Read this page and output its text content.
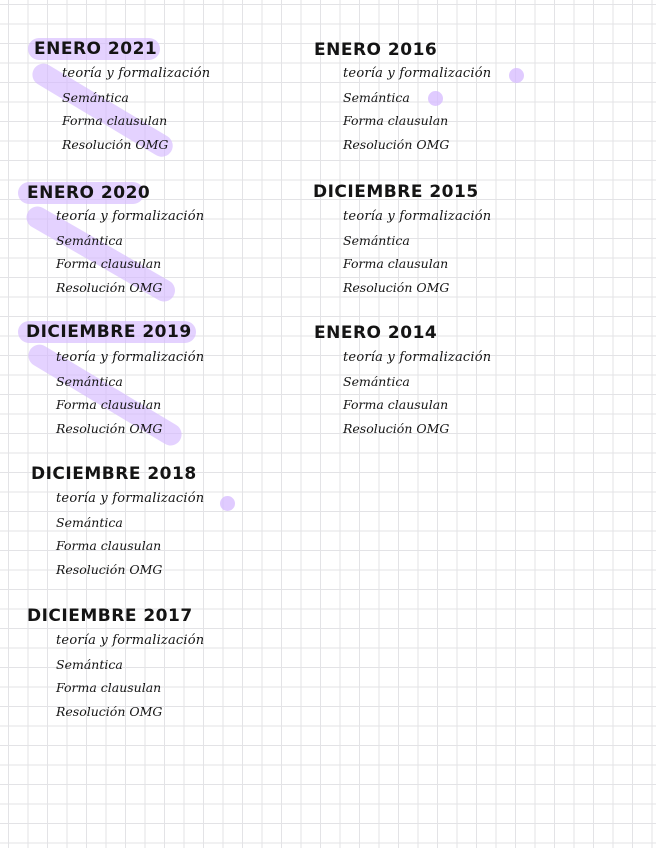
ENERO 2021
teoría y formalización
Semántica
Forma clausulan
Resolución OMG
ENERO 2020
teoría y formalización
Semántica
Forma clausulan
Resolución OMG
DICIEMBRE 2019
teoría y formalización
Semántica
Forma clausulan
Resolución OMG
DICIEMBRE 2018
teoría y formalización
Semántica
Forma clausulan
Resolución OMG
DICIEMBRE 2017
teoría y formalización
Semántica
Forma clausulan
Resolución OMG
ENERO 2016
teoría y formalización
Semántica
Forma clausulan
Resolución OMG
DICIEMBRE 2015
teoría y formalización
Semántica
Forma clausulan
Resolución OMG
ENERO 2014
teoría y formalización
Semántica
Forma clausulan
Resolución OMG
